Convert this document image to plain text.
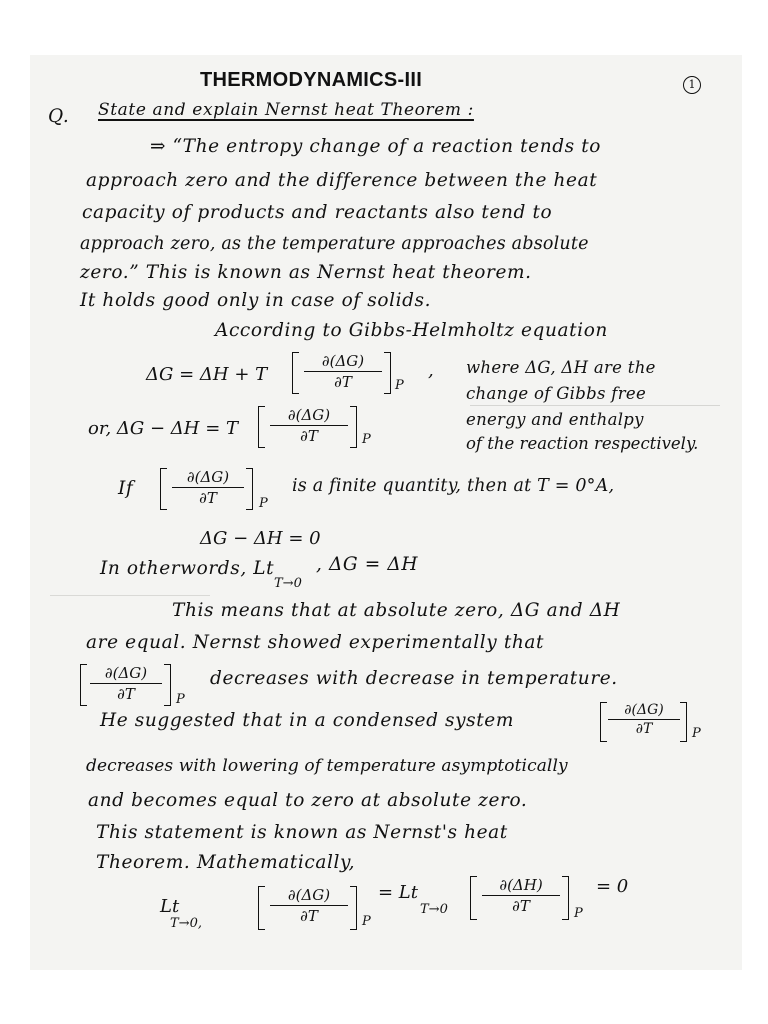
THERMODYNAMICS-III	1
Q. State and explain Nernst heat Theorem :
⇒ “The entropy change of a reaction tends to
approach zero and the difference between the heat
capacity of products and reactants also tend to
approach zero, as the temperature approaches absolute
zero.” This is known as Nernst heat theorem.
It holds good only in case of solids.
According to Gibbs-Helmholtz equation
ΔG = ΔH + T
∂(ΔG)
∂T	P
, where ΔG, ΔH are the
change of Gibbs free
energy and enthalpy
of the reaction respectively.
or, ΔG − ΔH = T
∂(ΔG)
∂T	P
If
∂(ΔG)
∂T	P
is a finite quantity, then at T = 0°A,
ΔG − ΔH = 0
In otherwords, Lt
T→0
, ΔG = ΔH
This means that at absolute zero, ΔG and ΔH
are equal. Nernst showed experimentally that
∂(ΔG)
∂T	P
decreases with decrease in temperature.
He suggested that in a condensed system	∂(ΔG)
∂T	P
decreases with lowering of temperature asymptotically
and becomes equal to zero at absolute zero.
This statement is known as Nernst's heat
Theorem. Mathematically,
Lt
T→0,
∂(ΔG)
∂T	P
= Lt
T→0
∂(ΔH)
∂T	P
= 0
